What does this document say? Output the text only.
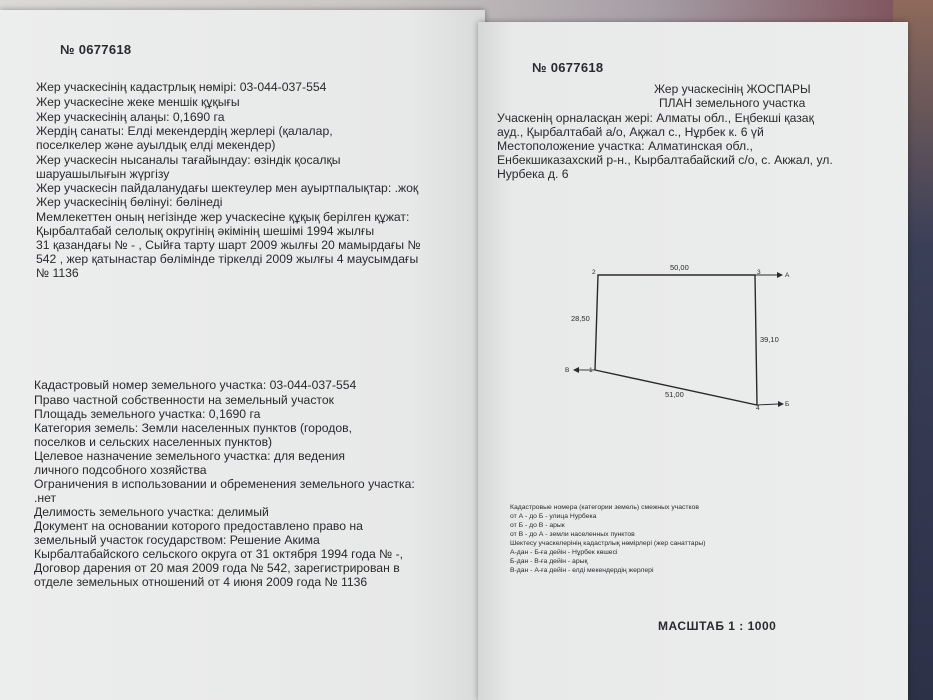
№ 0677618
Жер учаскесінің кадастрлық нөмірі: 03-044-037-554
Жер учаскесіне жеке меншік құқығы
Жер учаскесінің алаңы: 0,1690 га
Жердің санаты: Елді мекендердің жерлері (қалалар,
поселкелер және ауылдық елді мекендер)
Жер учаскесін нысаналы тағайындау: өзіндік қосалқы
шаруашылығын жүргізу
Жер учаскесін пайдаланудағы шектеулер мен ауыртпалықтар: .жоқ
Жер учаскесінің бөлінуі: бөлінеді
Мемлекеттен оның негізінде жер учаскесіне құқық берілген құжат:
Қырбалтабай селолық округінің әкімінің шешімі 1994 жылғы
31 қазандағы № - , Сыйға тарту шарт 2009 жылғы 20 мамырдағы №
542 , жер қатынастар бөлімінде тіркелді 2009 жылғы 4 маусымдағы
№ 1136
Кадастровый номер земельного участка: 03-044-037-554
Право частной собственности на земельный участок
Площадь земельного участка: 0,1690 га
Категория земель: Земли населенных пунктов (городов,
поселков и сельских населенных пунктов)
Целевое назначение земельного участка: для ведения
личного подсобного хозяйства
Ограничения в использовании и обременения земельного участка:
.нет
Делимость земельного участка: делимый
Документ на основании которого предоставлено право на
земельный участок государством: Решение Акима
Кырбалтабайского сельского округа от 31 октября 1994 года № -,
Договор дарения от 20 мая 2009 года № 542, зарегистрирован в
отделе земельных отношений от 4 июня 2009 года № 1136
№ 0677618
Жер учаскесінің ЖОСПАРЫ
ПЛАН земельного участка
Учаскенің орналасқан жері: Алматы обл., Еңбекші қазақ
ауд., Қырбалтабай а/о, Ақжал с., Нұрбек к. 6 үй
Местоположение участка: Алматинская обл.,
Енбекшиказахский р-н., Кырбалтабайский с/о, с. Акжал, ул.
Нурбека д. 6
50,00
28,50
39,10
51,00
1
2	3
4
А
Б
В
Кадастровые номера (категории земель) смежных участков
от А - до Б - улица Нурбека
от Б - до В - арык
от В - до А - земли населенных пунктов
Шектесу учаскелерінің кадастрлық нөмірлері (жер санаттары)
А-дан - Б-ға дейін - Нұрбек көшесі
Б-дан - В-ға дейін - арық
В-дан - А-ға дейін - елді мекендердің жерлері
МАСШТАБ 1 : 1000
